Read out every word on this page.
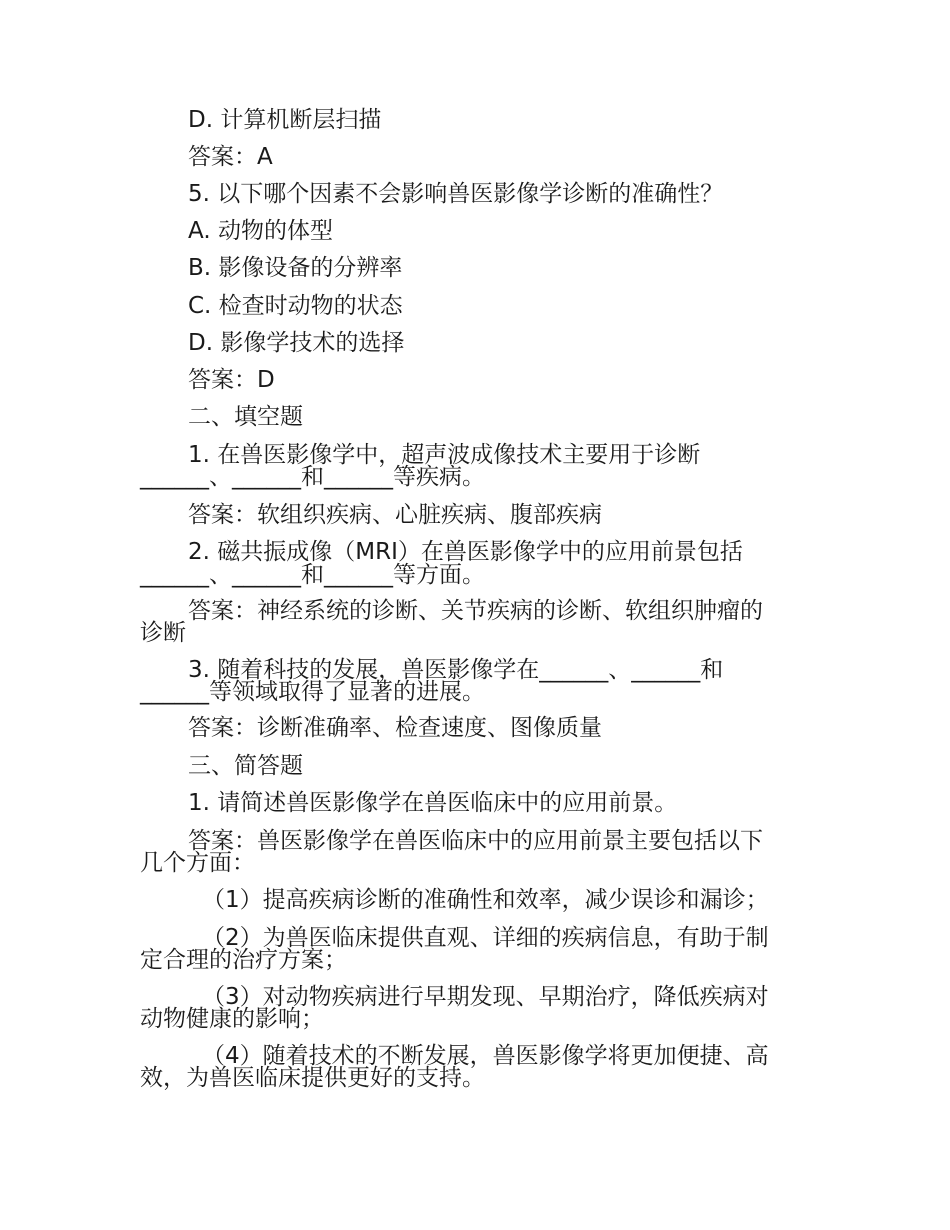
D. 计算机断层扫描
答案：A
5. 以下哪个因素不会影响兽医影像学诊断的准确性？
A. 动物的体型
B. 影像设备的分辨率
C. 检查时动物的状态
D. 影像学技术的选择
答案：D
二、填空题
1. 在兽医影像学中，超声波成像技术主要用于诊断
______、______和______等疾病。
答案：软组织疾病、心脏疾病、腹部疾病
2. 磁共振成像（MRI）在兽医影像学中的应用前景包括
______、______和______等方面。
答案：神经系统的诊断、关节疾病的诊断、软组织肿瘤的
诊断
3. 随着科技的发展，兽医影像学在______、______和
______等领域取得了显著的进展。
答案：诊断准确率、检查速度、图像质量
三、简答题
1. 请简述兽医影像学在兽医临床中的应用前景。
答案：兽医影像学在兽医临床中的应用前景主要包括以下
几个方面：
（1）提高疾病诊断的准确性和效率，减少误诊和漏诊；
（2）为兽医临床提供直观、详细的疾病信息，有助于制
定合理的治疗方案；
（3）对动物疾病进行早期发现、早期治疗，降低疾病对
动物健康的影响；
（4）随着技术的不断发展，兽医影像学将更加便捷、高
效，为兽医临床提供更好的支持。
